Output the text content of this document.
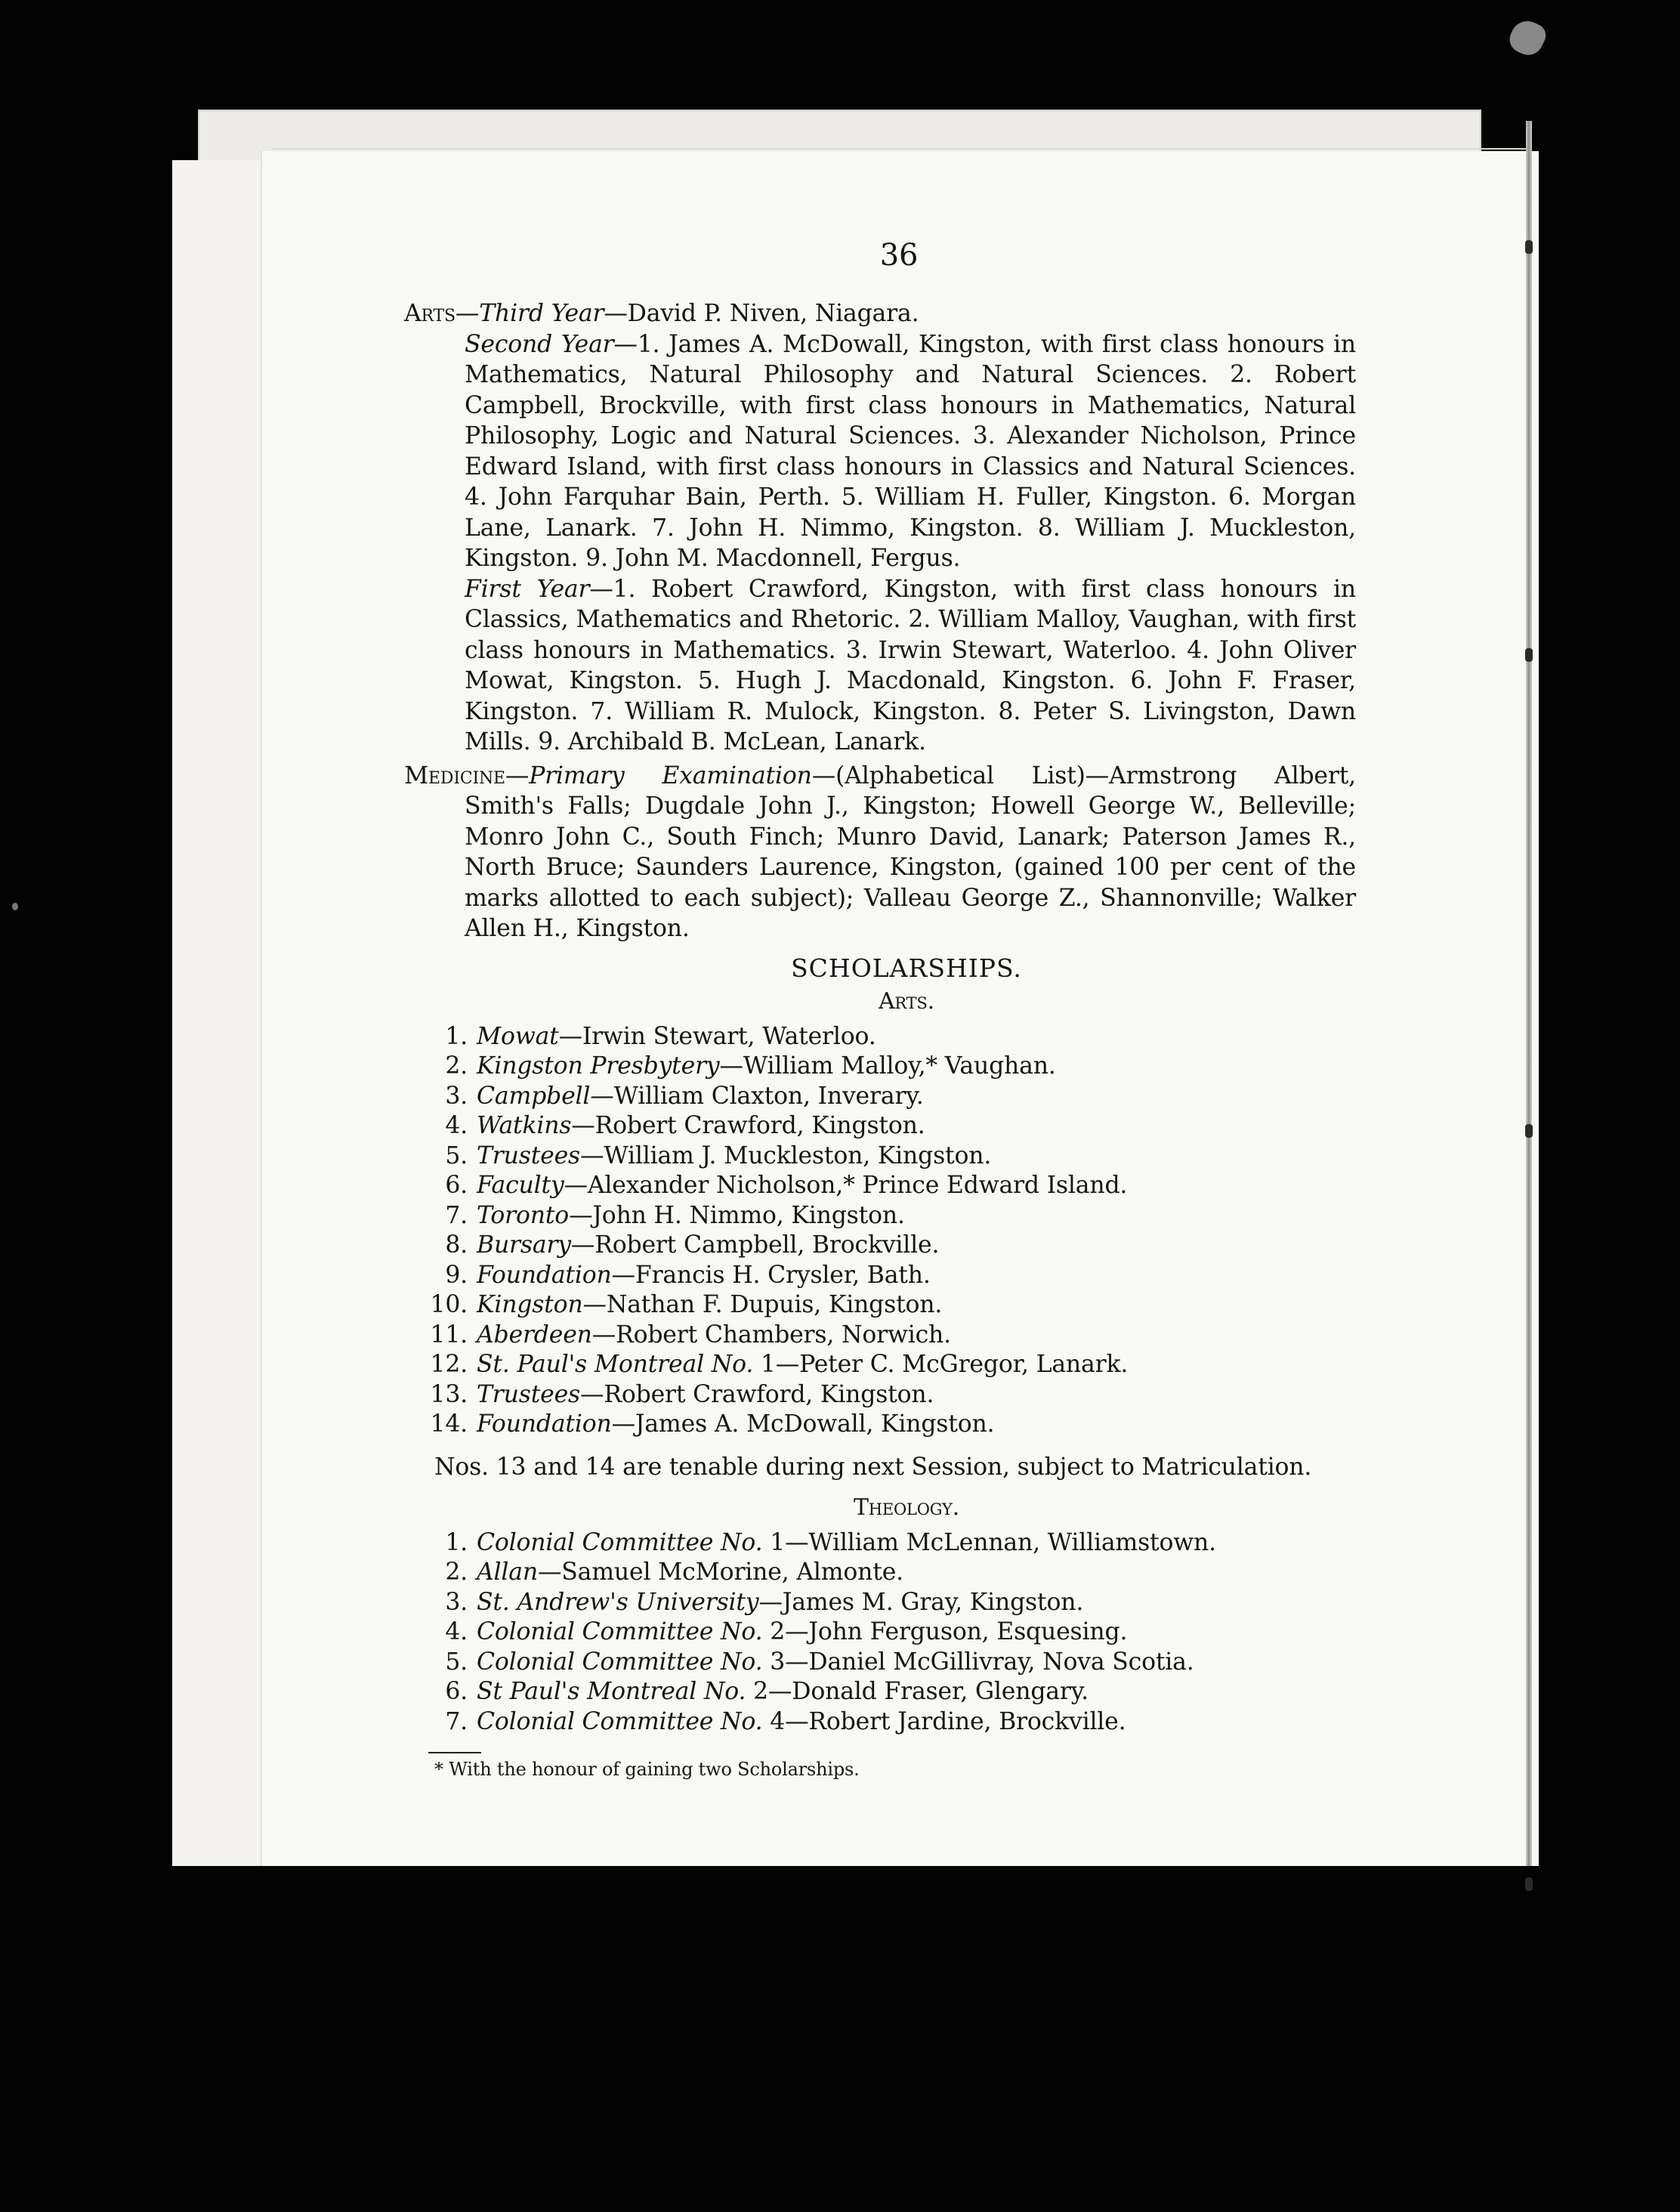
36

Arts—Third Year—David P. Niven, Niagara.

Second Year—1. James A. McDowall, Kingston, with first class honours in Mathematics, Natural Philosophy and Natural Sciences. 2. Robert Campbell, Brockville, with first class honours in Mathematics, Natural Philosophy, Logic and Natural Sciences. 3. Alexander Nicholson, Prince Edward Island, with first class honours in Classics and Natural Sciences. 4. John Farquhar Bain, Perth. 5. William H. Fuller, Kingston. 6. Morgan Lane, Lanark. 7. John H. Nimmo, Kingston. 8. William J. Muckleston, Kingston. 9. John M. Macdonnell, Fergus.

First Year—1. Robert Crawford, Kingston, with first class honours in Classics, Mathematics and Rhetoric. 2. William Malloy, Vaughan, with first class honours in Mathematics. 3. Irwin Stewart, Waterloo. 4. John Oliver Mowat, Kingston. 5. Hugh J. Macdonald, Kingston. 6. John F. Fraser, Kingston. 7. William R. Mulock, Kingston. 8. Peter S. Livingston, Dawn Mills. 9. Archibald B. McLean, Lanark.

Medicine—Primary Examination—(Alphabetical List)—Armstrong Albert, Smith's Falls; Dugdale John J., Kingston; Howell George W., Belleville; Monro John C., South Finch; Munro David, Lanark; Paterson James R., North Bruce; Saunders Laurence, Kingston, (gained 100 per cent of the marks allotted to each subject); Valleau George Z., Shannonville; Walker Allen H., Kingston.

SCHOLARSHIPS.
Arts.
1. Mowat—Irwin Stewart, Waterloo.
2. Kingston Presbytery—William Malloy,* Vaughan.
3. Campbell—William Claxton, Inverary.
4. Watkins—Robert Crawford, Kingston.
5. Trustees—William J. Muckleston, Kingston.
6. Faculty—Alexander Nicholson,* Prince Edward Island.
7. Toronto—John H. Nimmo, Kingston.
8. Bursary—Robert Campbell, Brockville.
9. Foundation—Francis H. Crysler, Bath.
10. Kingston—Nathan F. Dupuis, Kingston.
11. Aberdeen—Robert Chambers, Norwich.
12. St. Paul's Montreal No. 1—Peter C. McGregor, Lanark.
13. Trustees—Robert Crawford, Kingston.
14. Foundation—James A. McDowall, Kingston.

Nos. 13 and 14 are tenable during next Session, subject to Matriculation.

Theology.
1. Colonial Committee No. 1—William McLennan, Williamstown.
2. Allan—Samuel McMorine, Almonte.
3. St. Andrew's University—James M. Gray, Kingston.
4. Colonial Committee No. 2—John Ferguson, Esquesing.
5. Colonial Committee No. 3—Daniel McGillivray, Nova Scotia.
6. St Paul's Montreal No. 2—Donald Fraser, Glengary.
7. Colonial Committee No. 4—Robert Jardine, Brockville.
* With the honour of gaining two Scholarships.
